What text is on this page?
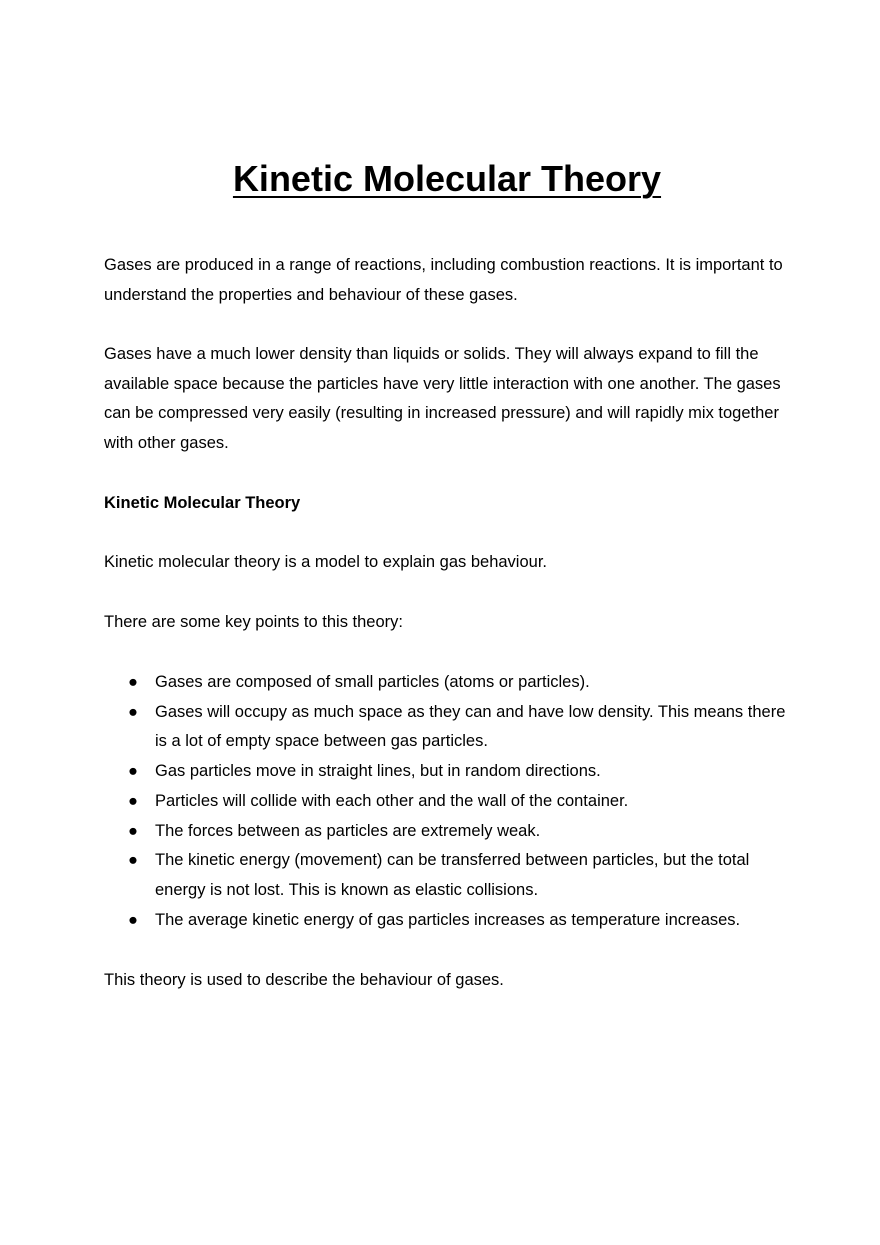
Kinetic Molecular Theory

Gases are produced in a range of reactions, including combustion reactions. It is important to understand the properties and behaviour of these gases.

Gases have a much lower density than liquids or solids. They will always expand to fill the available space because the particles have very little interaction with one another. The gases can be compressed very easily (resulting in increased pressure) and will rapidly mix together with other gases.

Kinetic Molecular Theory

Kinetic molecular theory is a model to explain gas behaviour.

There are some key points to this theory:

● Gases are composed of small particles (atoms or particles).
● Gases will occupy as much space as they can and have low density. This means there is a lot of empty space between gas particles.
● Gas particles move in straight lines, but in random directions.
● Particles will collide with each other and the wall of the container.
● The forces between as particles are extremely weak.
● The kinetic energy (movement) can be transferred between particles, but the total energy is not lost. This is known as elastic collisions.
● The average kinetic energy of gas particles increases as temperature increases.

This theory is used to describe the behaviour of gases.
